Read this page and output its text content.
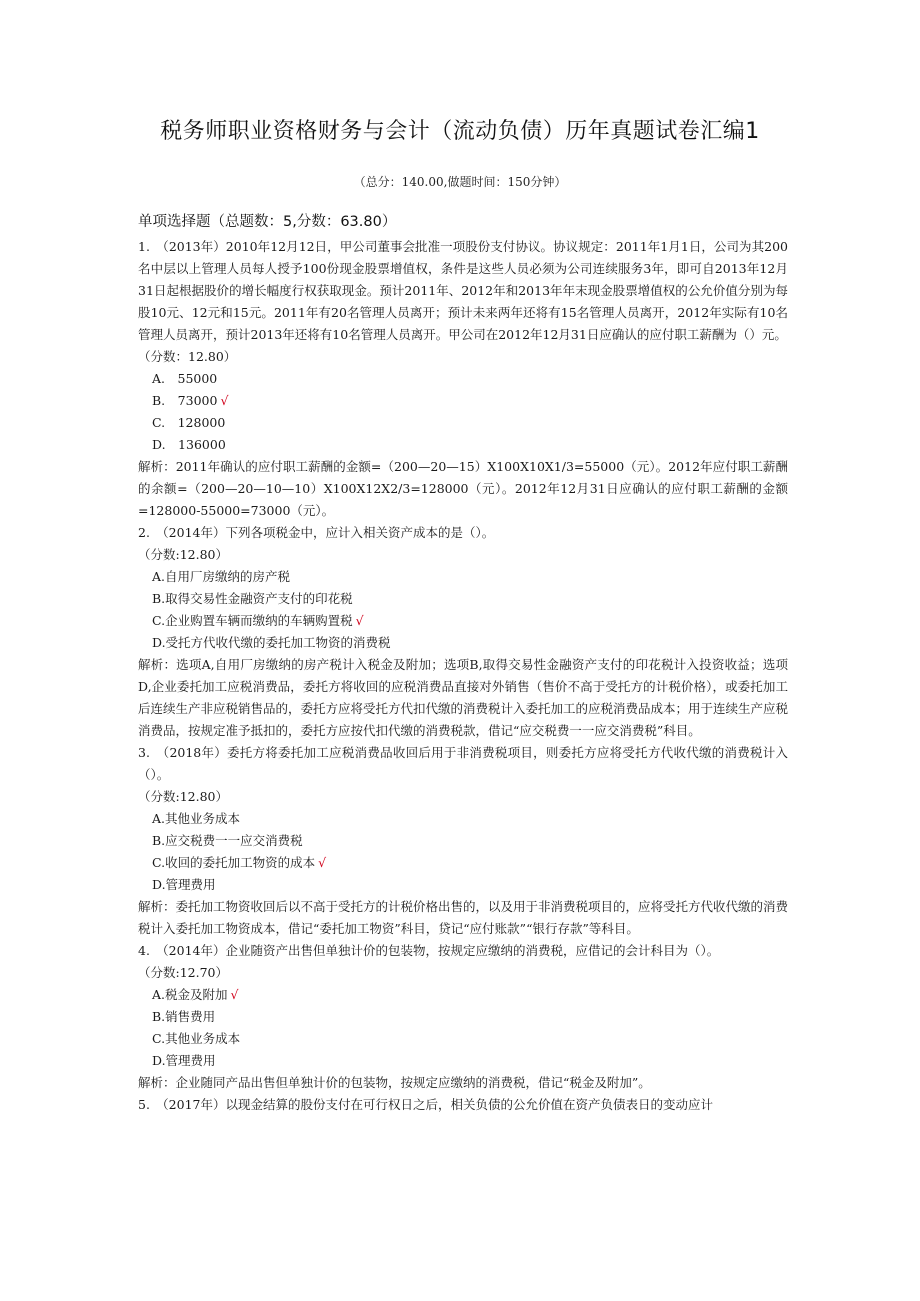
税务师职业资格财务与会计（流动负债）历年真题试卷汇编1
（总分：140.00,做题时间：150分钟）
单项选择题（总题数：5,分数：63.80）

1.　（2013年）2010年12月12日，甲公司董事会批准一项股份支付协议。协议规定：2011年1月1日，公司为其200名中层以上管理人员每人授予100份现金股票增值权，条件是这些人员必须为公司连续服务3年，即可自2013年12月31日起根据股价的增长幅度行权获取现金。预计2011年、2012年和2013年年末现金股票增值权的公允价值分别为每股10元、12元和15元。2011年有20名管理人员离开；预计未来两年还将有15名管理人员离开，2012年实际有10名管理人员离开，预计2013年还将有10名管理人员离开。甲公司在2012年12月31日应确认的应付职工薪酬为（）元。

（分数：12.80）

A.　55000

B.　73000 √

C.　128000

D.　136000

解析：2011年确认的应付职工薪酬的金额=（200—20—15）X100X10X1/3=55000（元）。2012年应付职工薪酬的余额=（200—20—10—10）X100X12X2/3=128000（元）。2012年12月31日应确认的应付职工薪酬的金额=128000-55000=73000（元）。

2.　（2014年）下列各项税金中，应计入相关资产成本的是（）。

（分数:12.80）

A.自用厂房缴纳的房产税

B.取得交易性金融资产支付的印花税

C.企业购置车辆而缴纳的车辆购置税 √

D.受托方代收代缴的委托加工物资的消费税

解析：选项A,自用厂房缴纳的房产税计入税金及附加；选项B,取得交易性金融资产支付的印花税计入投资收益；选项D,企业委托加工应税消费品，委托方将收回的应税消费品直接对外销售（售价不高于受托方的计税价格），或委托加工后连续生产非应税销售品的，委托方应将受托方代扣代缴的消费税计入委托加工的应税消费品成本；用于连续生产应税消费品，按规定准予抵扣的，委托方应按代扣代缴的消费税款，借记“应交税费一一应交消费税”科目。

3.　（2018年）委托方将委托加工应税消费品收回后用于非消费税项目，则委托方应将受托方代收代缴的消费税计入（）。

（分数:12.80）

A.其他业务成本

B.应交税费一一应交消费税

C.收回的委托加工物资的成本 √

D.管理费用

解析：委托加工物资收回后以不高于受托方的计税价格出售的，以及用于非消费税项目的，应将受托方代收代缴的消费税计入委托加工物资成本，借记“委托加工物资”科目，贷记“应付账款”“银行存款”等科目。

4.　（2014年）企业随资产出售但单独计价的包装物，按规定应缴纳的消费税，应借记的会计科目为（）。

（分数:12.70）

A.税金及附加 √

B.销售费用

C.其他业务成本

D.管理费用

解析：企业随同产品出售但单独计价的包装物，按规定应缴纳的消费税，借记“税金及附加”。

5.　（2017年）以现金结算的股份支付在可行权日之后，相关负债的公允价值在资产负债表日的变动应计
